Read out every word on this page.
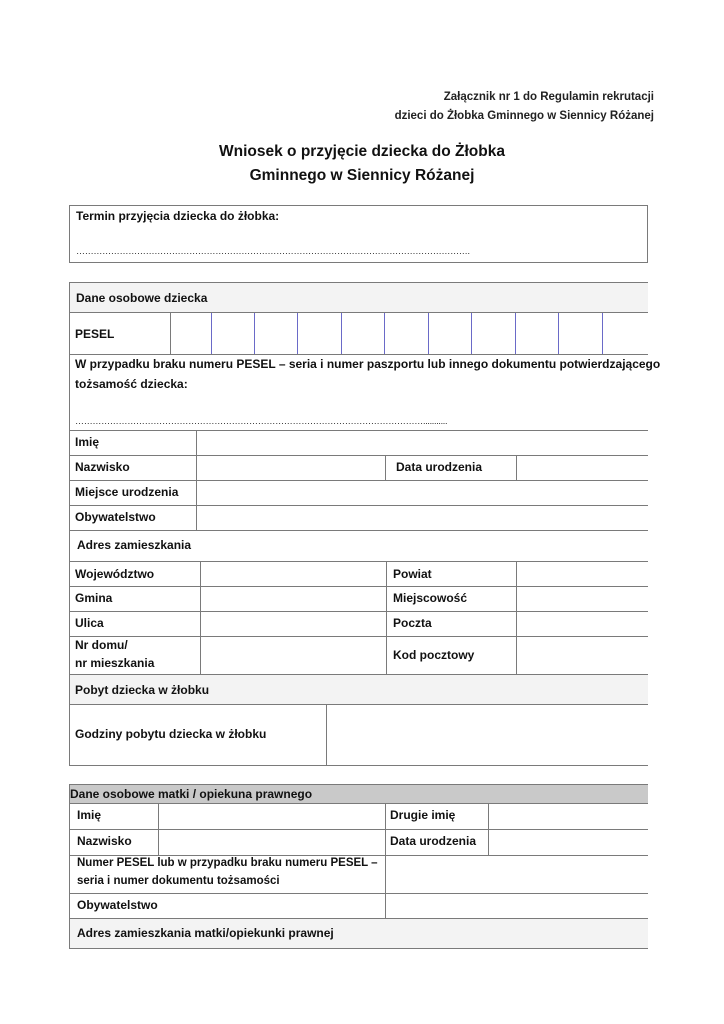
Załącznik nr 1 do Regulamin rekrutacji
dzieci do Żłobka Gminnego w Siennicy Różanej
Wniosek o przyjęcie dziecka do Żłobka
Gminnego w Siennicy Różanej
Termin przyjęcia dziecka do żłobka:
……………………………………………………………………………………………………………………….
Dane osobowe dziecka
PESEL
W przypadku braku numeru PESEL – seria i numer paszportu lub innego dokumentu potwierdzającego
tożsamość dziecka:
…………………………………………………………………………………………………………...........
Imię
Nazwisko	Data urodzenia
Miejsce urodzenia
Obywatelstwo
Adres zamieszkania
Województwo	Powiat
Gmina	Miejscowość
Ulica	Poczta
Nr domu/
nr mieszkania
Kod pocztowy
Pobyt dziecka w żłobku
Godziny pobytu dziecka w żłobku
Dane osobowe matki / opiekuna prawnego
Imię	Drugie imię
Nazwisko	Data urodzenia
Numer PESEL lub w przypadku braku numeru PESEL –
seria i numer dokumentu tożsamości
Obywatelstwo
Adres zamieszkania matki/opiekunki prawnej
